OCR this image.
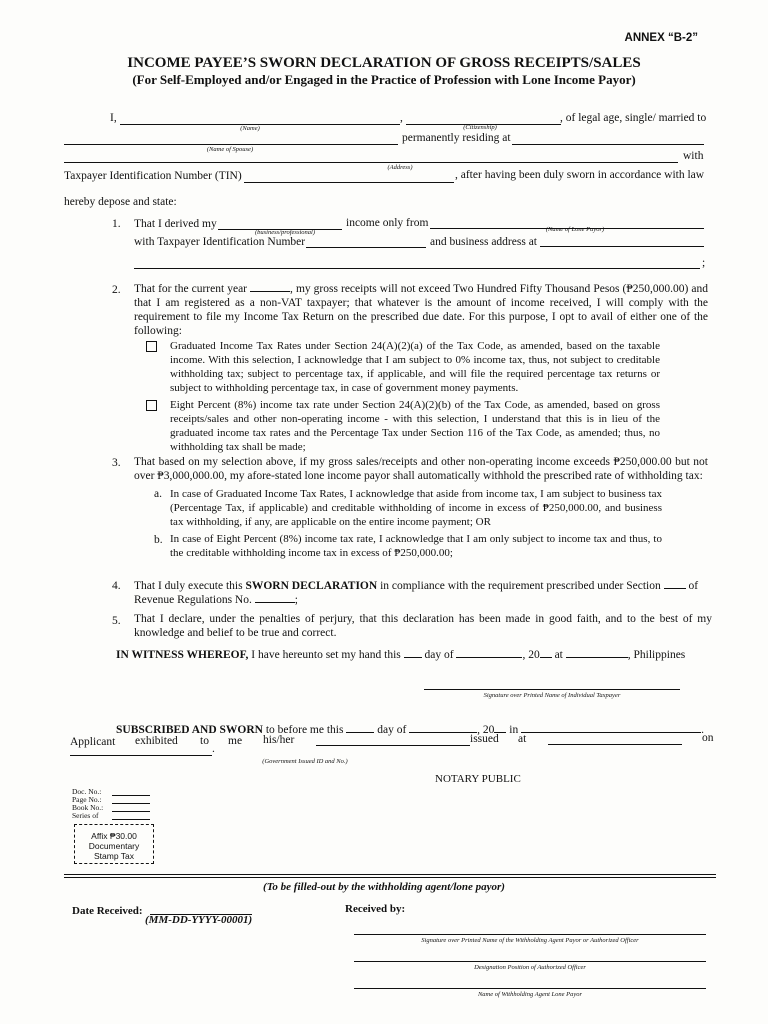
ANNEX “B-2”
INCOME PAYEE’S SWORN DECLARATION OF GROSS RECEIPTS/SALES
(For Self-Employed and/or Engaged in the Practice of Profession with Lone Income Payor)
I,	,	, of legal age, single/ married to
(Name)	(Citizenship)
permanently residing at
(Name of Spouse)
with
(Address)
Taxpayer Identification Number (TIN)	, after having been duly sworn in accordance with law
hereby depose and state:
1. That I derived my	income only from
(business/professional)	(Name of Lone Payor)
with Taxpayer Identification Number	and business address at
;
2. That for the current year	, my gross receipts will not exceed Two Hundred Fifty Thousand Pesos (₱250,000.00) and that I am registered as a non-VAT taxpayer; that whatever is the amount of income received, I will comply with the requirement to file my Income Tax Return on the prescribed due date. For this purpose, I opt to avail of either one of the following:
Graduated Income Tax Rates under Section 24(A)(2)(a) of the Tax Code, as amended, based on the taxable income. With this selection, I acknowledge that I am subject to 0% income tax, thus, not subject to creditable withholding tax; subject to percentage tax, if applicable, and will file the required percentage tax returns or subject to withholding percentage tax, in case of government money payments.
Eight Percent (8%) income tax rate under Section 24(A)(2)(b) of the Tax Code, as amended, based on gross receipts/sales and other non-operating income - with this selection, I understand that this is in lieu of the graduated income tax rates and the Percentage Tax under Section 116 of the Tax Code, as amended; thus, no withholding tax shall be made;
3. That based on my selection above, if my gross sales/receipts and other non-operating income exceeds ₱250,000.00 but not over ₱3,000,000.00, my afore-stated lone income payor shall automatically withhold the prescribed rate of withholding tax:
a. In case of Graduated Income Tax Rates, I acknowledge that aside from income tax, I am subject to business tax (Percentage Tax, if applicable) and creditable withholding of income in excess of ₱250,000.00, and business tax withholding, if any, are applicable on the entire income payment; OR
b. In case of Eight Percent (8%) income tax rate, I acknowledge that I am only subject to income tax and thus, to the creditable withholding income tax in excess of ₱250,000.00;
4. That I duly execute this SWORN DECLARATION in compliance with the requirement prescribed under Section of
Revenue Regulations No.	;
5. That I declare, under the penalties of perjury, that this declaration has been made in good faith, and to the best of my knowledge and belief to be true and correct.
IN WITNESS WHEREOF, I have hereunto set my hand this day of	, 20 at	, Philippines
Signature over Printed Name of Individual Taxpayer
SUBSCRIBED AND SWORN to before me this	day of	, 20 in	.
Applicant exhibited to me his/her	issued at	on
.
(Government Issued ID and No.)
NOTARY PUBLIC
Doc. No.:
Page No.:
Book No.:
Series of
Affix ₱30.00
Documentary
Stamp Tax
(To be filled-out by the withholding agent/lone payor)
Date Received:
(MM-DD-YYYY-00001)
Received by:
Signature over Printed Name of the Withholding Agent Payor or Authorized Officer
Designation Position of Authorized Officer
Name of Withholding Agent Lone Payor
